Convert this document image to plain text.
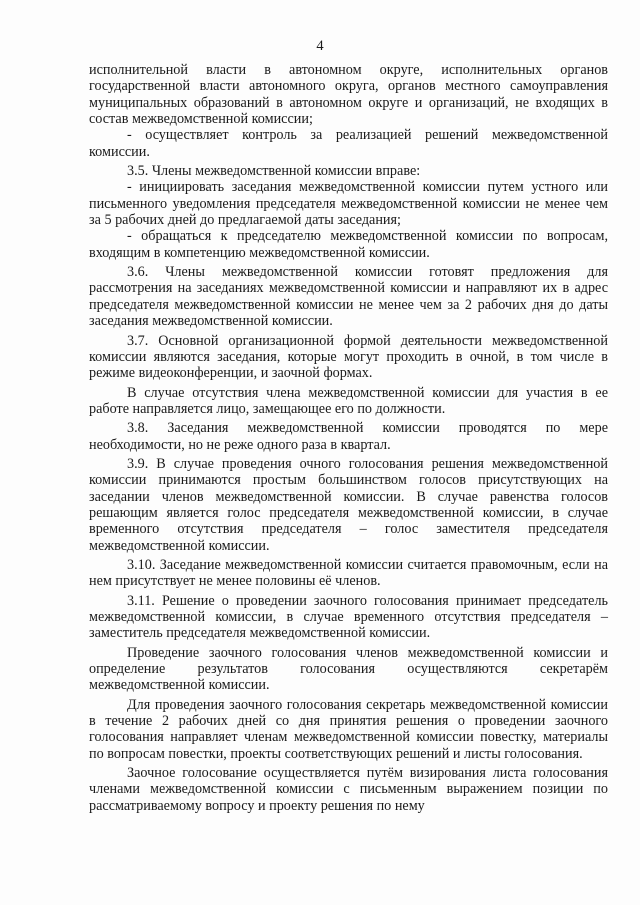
4

исполнительной власти в автономном округе, исполнительных органов государственной власти автономного округа, органов местного самоуправления муниципальных образований в автономном округе и организаций, не входящих в состав межведомственной комиссии;

- осуществляет контроль за реализацией решений межведомственной комиссии.

3.5. Члены межведомственной комиссии вправе:

- инициировать заседания межведомственной комиссии путем устного или письменного уведомления председателя межведомственной комиссии не менее чем за 5 рабочих дней до предлагаемой даты заседания;

- обращаться к председателю межведомственной комиссии по вопросам, входящим в компетенцию межведомственной комиссии.

3.6. Члены межведомственной комиссии готовят предложения для рассмотрения на заседаниях межведомственной комиссии и направляют их в адрес председателя межведомственной комиссии не менее чем за 2 рабочих дня до даты заседания межведомственной комиссии.

3.7. Основной организационной формой деятельности межведомственной комиссии являются заседания, которые могут проходить в очной, в том числе в режиме видеоконференции, и заочной формах.

В случае отсутствия члена межведомственной комиссии для участия в ее работе направляется лицо, замещающее его по должности.

3.8. Заседания межведомственной комиссии проводятся по мере необходимости, но не реже одного раза в квартал.

3.9. В случае проведения очного голосования решения межведомственной комиссии принимаются простым большинством голосов присутствующих на заседании членов межведомственной комиссии. В случае равенства голосов решающим является голос председателя межведомственной комиссии, в случае временного отсутствия председателя – голос заместителя председателя межведомственной комиссии.

3.10. Заседание межведомственной комиссии считается правомочным, если на нем присутствует не менее половины её членов.

3.11. Решение о проведении заочного голосования принимает председатель межведомственной комиссии, в случае временного отсутствия председателя – заместитель председателя межведомственной комиссии.

Проведение заочного голосования членов межведомственной комиссии и определение результатов голосования осуществляются секретарём межведомственной комиссии.

Для проведения заочного голосования секретарь межведомственной комиссии в течение 2 рабочих дней со дня принятия решения о проведении заочного голосования направляет членам межведомственной комиссии повестку, материалы по вопросам повестки, проекты соответствующих решений и листы голосования.

Заочное голосование осуществляется путём визирования листа голосования членами межведомственной комиссии с письменным выражением позиции по рассматриваемому вопросу и проекту решения по нему
